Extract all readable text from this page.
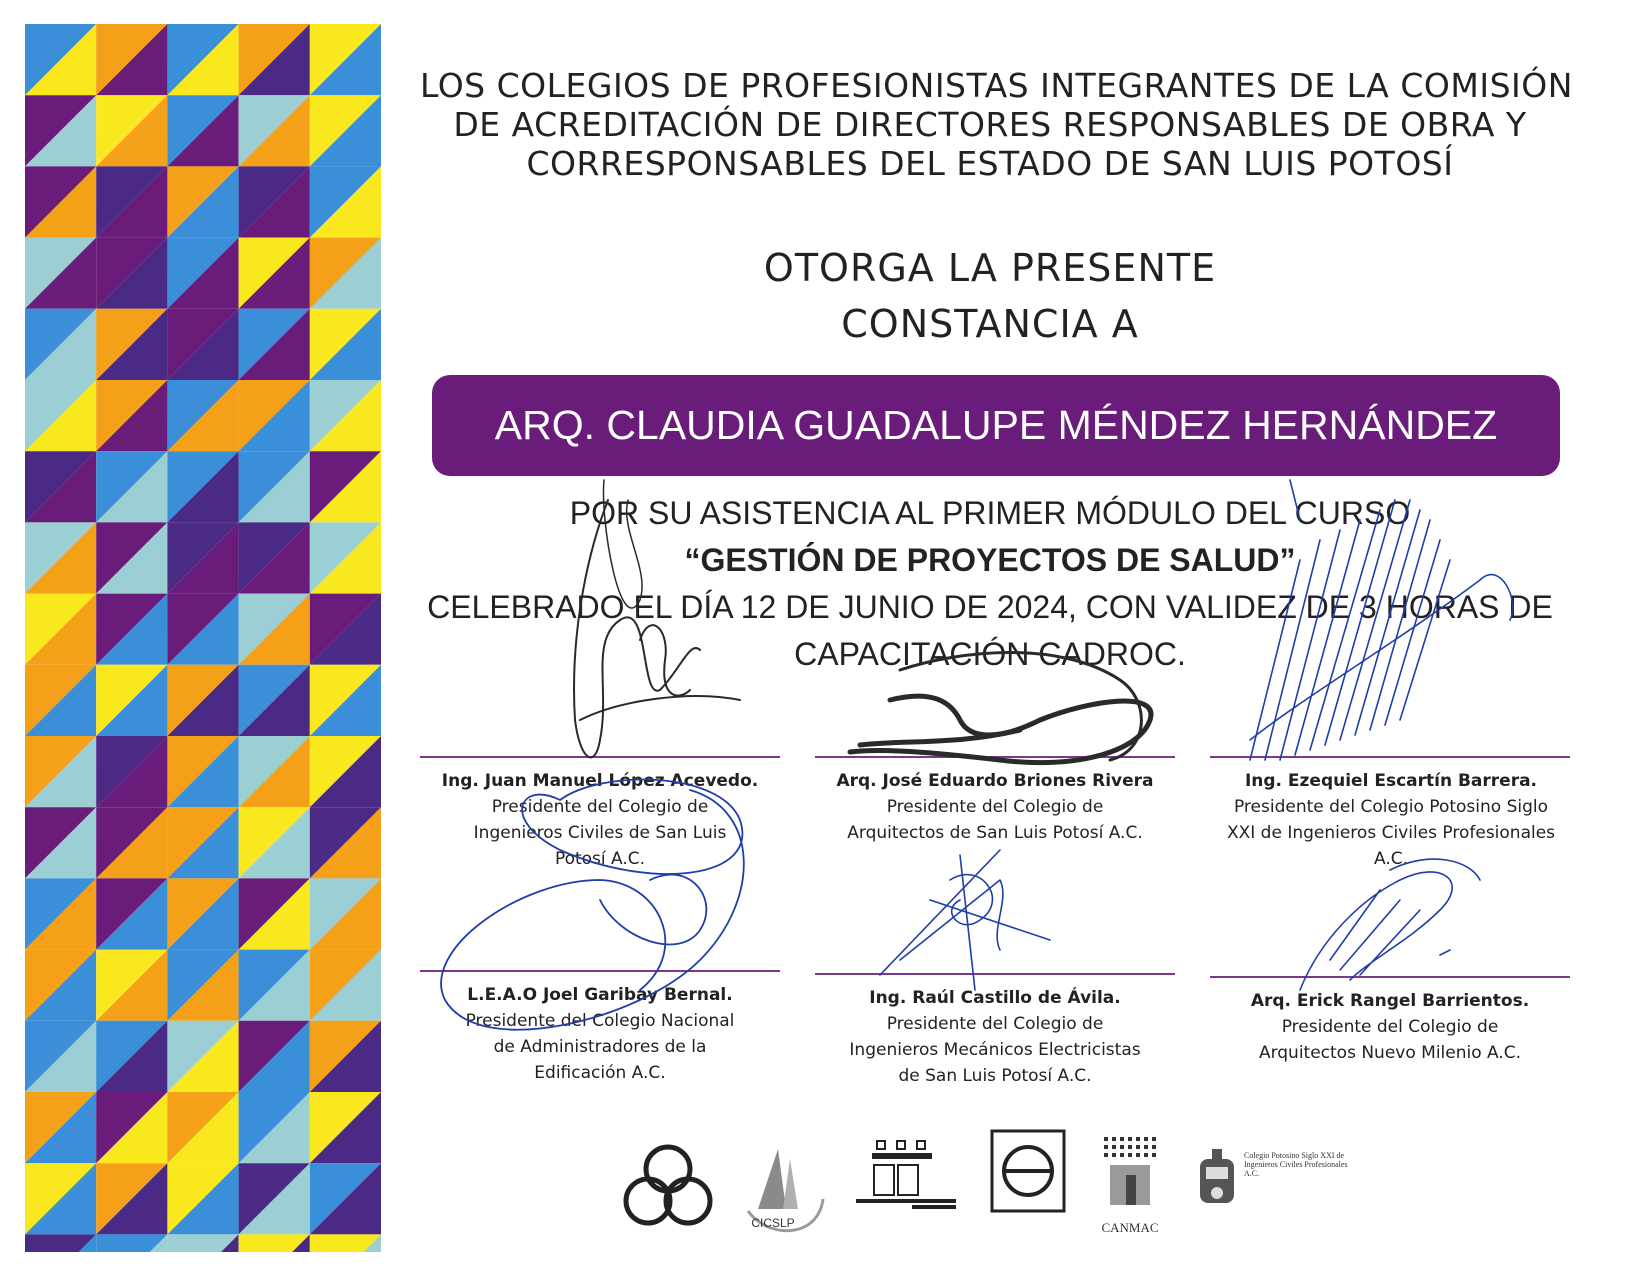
LOS COLEGIOS DE PROFESIONISTAS INTEGRANTES DE LA COMISIÓN
DE ACREDITACIÓN DE DIRECTORES RESPONSABLES DE OBRA Y
CORRESPONSABLES DEL ESTADO DE SAN LUIS POTOSÍ
OTORGA LA PRESENTE
CONSTANCIA A
ARQ. CLAUDIA GUADALUPE MÉNDEZ HERNÁNDEZ
POR SU ASISTENCIA AL PRIMER MÓDULO DEL CURSO
“GESTIÓN DE PROYECTOS DE SALUD”
CELEBRADO EL DÍA 12 DE JUNIO DE 2024, CON VALIDEZ DE 3 HORAS DE
CAPACITACIÓN CADROC.
Ing. Juan Manuel López Acevedo.
Presidente del Colegio de
Ingenieros Civiles de San Luis
Potosí A.C.
Arq. José Eduardo Briones Rivera
Presidente del Colegio de
Arquitectos de San Luis Potosí A.C.
Ing. Ezequiel Escartín Barrera.
Presidente del Colegio Potosino Siglo
XXI de Ingenieros Civiles Profesionales
A.C.
L.E.A.O Joel Garibay Bernal.
Presidente del Colegio Nacional
de Administradores de la
Edificación A.C.
Ing. Raúl Castillo de Ávila.
Presidente del Colegio de
Ingenieros Mecánicos Electricistas
de San Luis Potosí A.C.
Arq. Erick Rangel Barrientos.
Presidente del Colegio de
Arquitectos Nuevo Milenio A.C.
CICSLP	CANMAC
Colegio Potosino Siglo XXI de Ingenieros Civiles Profesionales A.C.
